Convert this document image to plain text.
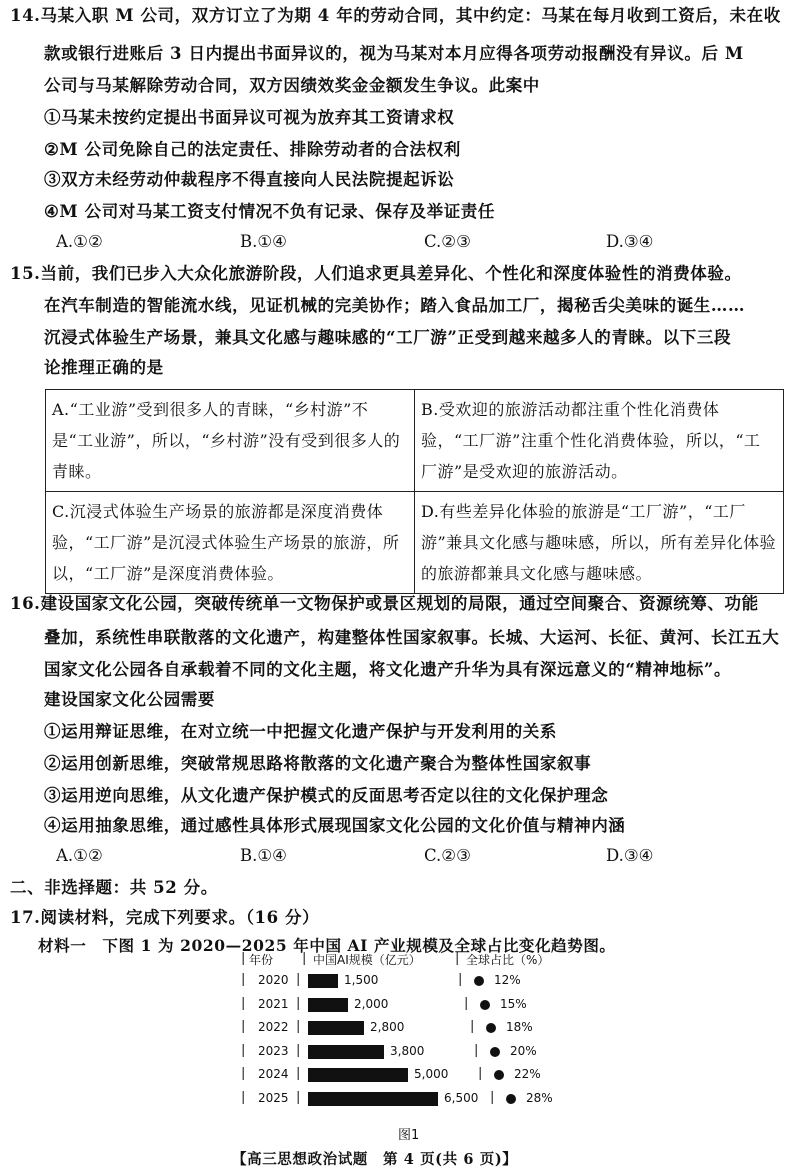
14.马某入职 M 公司，双方订立了为期 4 年的劳动合同，其中约定：马某在每月收到工资后，未在收
款或银行进账后 3 日内提出书面异议的，视为马某对本月应得各项劳动报酬没有异议。后 M
公司与马某解除劳动合同，双方因绩效奖金金额发生争议。此案中
①马某未按约定提出书面异议可视为放弃其工资请求权
②M 公司免除自己的法定责任、排除劳动者的合法权利
③双方未经劳动仲裁程序不得直接向人民法院提起诉讼
④M 公司对马某工资支付情况不负有记录、保存及举证责任
A.①②	B.①④	C.②③	D.③④
15.当前，我们已步入大众化旅游阶段，人们追求更具差异化、个性化和深度体验性的消费体验。
在汽车制造的智能流水线，见证机械的完美协作；踏入食品加工厂，揭秘舌尖美味的诞生……
沉浸式体验生产场景，兼具文化感与趣味感的“工厂游”正受到越来越多人的青睐。以下三段
论推理正确的是
A.“工业游”受到很多人的青睐，“乡村游”不是“工业游”，所以，“乡村游”没有受到很多人的青睐。	B.受欢迎的旅游活动都注重个性化消费体验，“工厂游”注重个性化消费体验，所以，“工厂游”是受欢迎的旅游活动。
C.沉浸式体验生产场景的旅游都是深度消费体验，“工厂游”是沉浸式体验生产场景的旅游，所以，“工厂游”是深度消费体验。	D.有些差异化体验的旅游是“工厂游”，“工厂游”兼具文化感与趣味感，所以，所有差异化体验的旅游都兼具文化感与趣味感。
16.建设国家文化公园，突破传统单一文物保护或景区规划的局限，通过空间聚合、资源统筹、功能
叠加，系统性串联散落的文化遗产，构建整体性国家叙事。长城、大运河、长征、黄河、长江五大
国家文化公园各自承载着不同的文化主题，将文化遗产升华为具有深远意义的“精神地标”。
建设国家文化公园需要
①运用辩证思维，在对立统一中把握文化遗产保护与开发利用的关系
②运用创新思维，突破常规思路将散落的文化遗产聚合为整体性国家叙事
③运用逆向思维，从文化遗产保护模式的反面思考否定以往的文化保护理念
④运用抽象思维，通过感性具体形式展现国家文化公园的文化价值与精神内涵
A.①②	B.①④	C.②③	D.③④
二、非选择题：共 52 分。
17.阅读材料，完成下列要求。（16 分）
材料一　下图 1 为 2020—2025 年中国 AI 产业规模及全球占比变化趋势图。
年份	中国AI规模（亿元）	全球占比（%）
|	|	|
| 2020 |	1,500	|	12%
| 2021 |	2,000	|	15%
| 2022 |	2,800	|	18%
| 2023 |	3,800	|	20%
| 2024 |	5,000 |	22%
| 2025 |	6,500 |	28%
图1
【高三思想政治试题　第 4 页(共 6 页)】
